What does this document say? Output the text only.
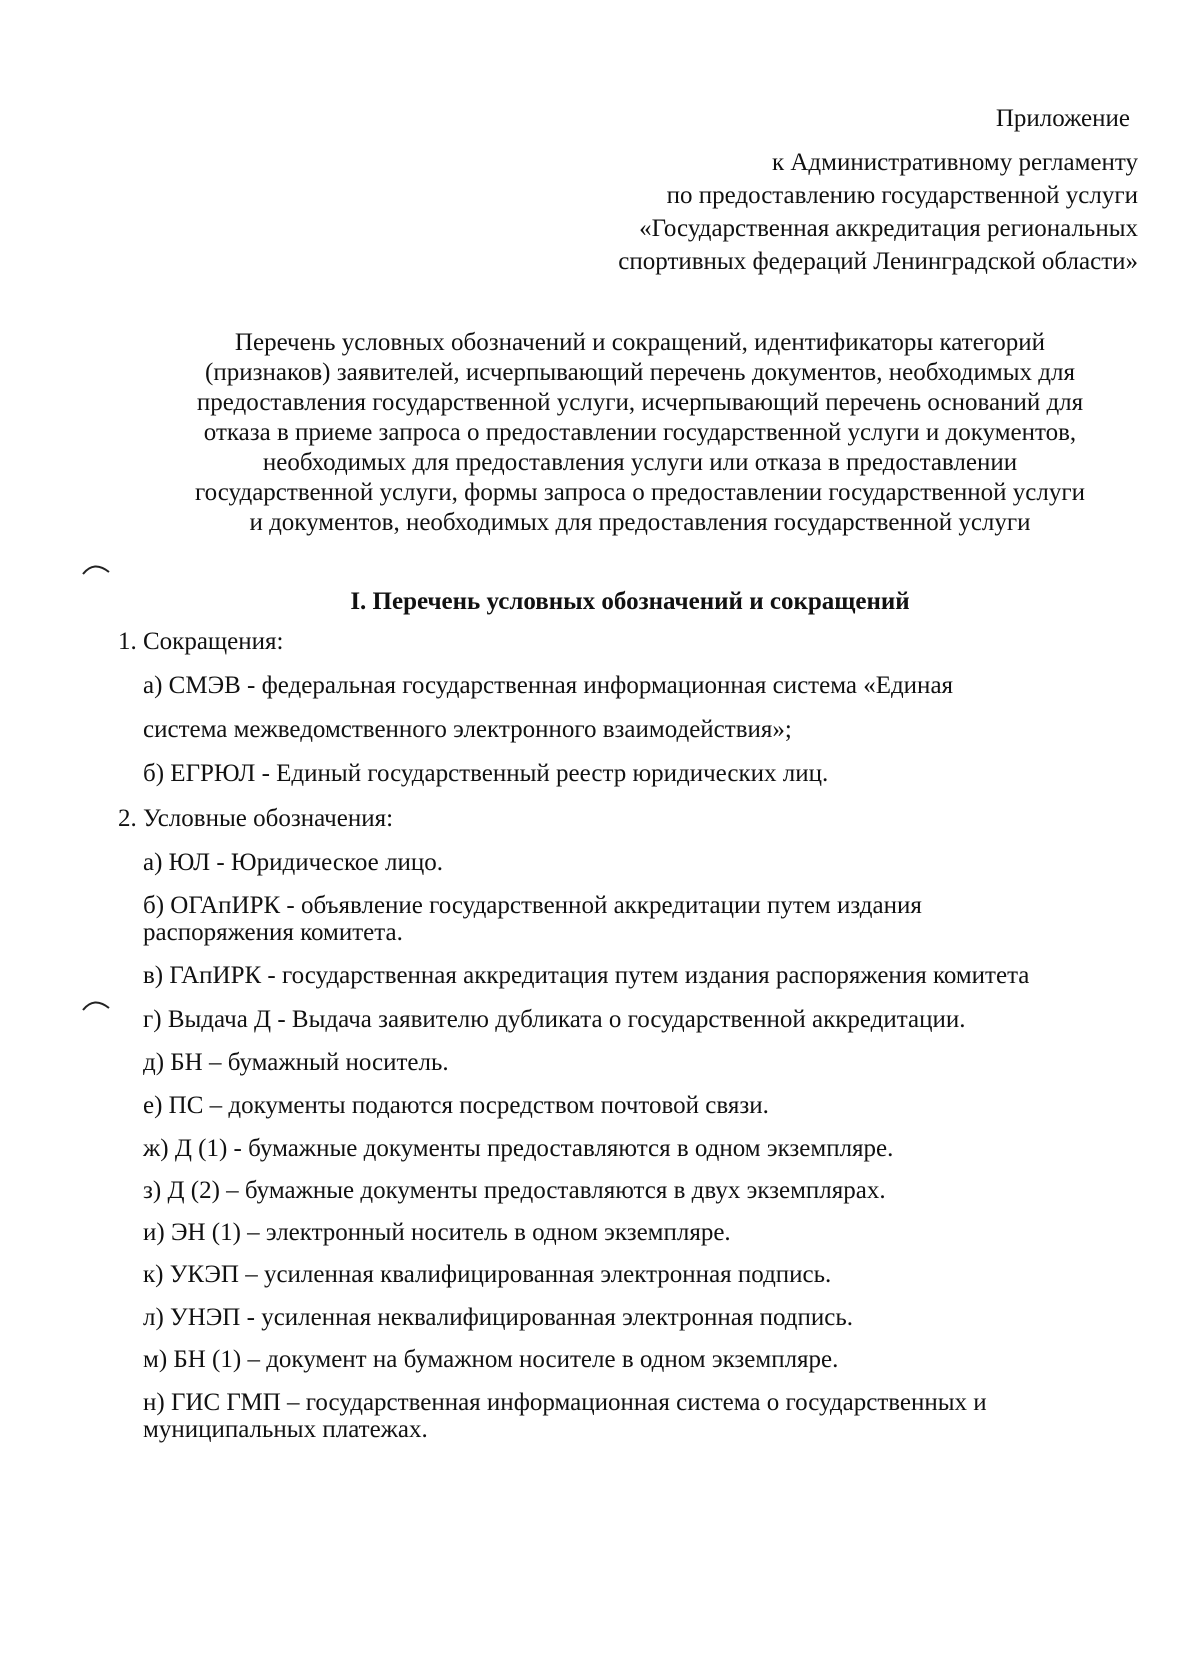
Приложение
к Административному регламенту
по предоставлению государственной услуги
«Государственная аккредитация региональных
спортивных федераций Ленинградской области»
Перечень условных обозначений и сокращений, идентификаторы категорий
(признаков) заявителей, исчерпывающий перечень документов, необходимых для
предоставления государственной услуги, исчерпывающий перечень оснований для
отказа в приеме запроса о предоставлении государственной услуги и документов,
необходимых для предоставления услуги или отказа в предоставлении
государственной услуги, формы запроса о предоставлении государственной услуги
и документов, необходимых для предоставления государственной услуги
I. Перечень условных обозначений и сокращений
1. Сокращения:
а) СМЭВ - федеральная государственная информационная система «Единая
система межведомственного электронного взаимодействия»;
б) ЕГРЮЛ - Единый государственный реестр юридических лиц.
2. Условные обозначения:
а) ЮЛ - Юридическое лицо.
б) ОГАпИРК - объявление государственной аккредитации путем издания
распоряжения комитета.
в) ГАпИРК - государственная аккредитация путем издания распоряжения комитета
г) Выдача Д - Выдача заявителю дубликата о государственной аккредитации.
д) БН – бумажный носитель.
е) ПС – документы подаются посредством почтовой связи.
ж) Д (1) - бумажные документы предоставляются в одном экземпляре.
з) Д (2) – бумажные документы предоставляются в двух экземплярах.
и) ЭН (1) – электронный носитель в одном экземпляре.
к) УКЭП – усиленная квалифицированная электронная подпись.
л) УНЭП - усиленная неквалифицированная электронная подпись.
м) БН (1) – документ на бумажном носителе в одном экземпляре.
н) ГИС ГМП – государственная информационная система о государственных и
муниципальных платежах.
